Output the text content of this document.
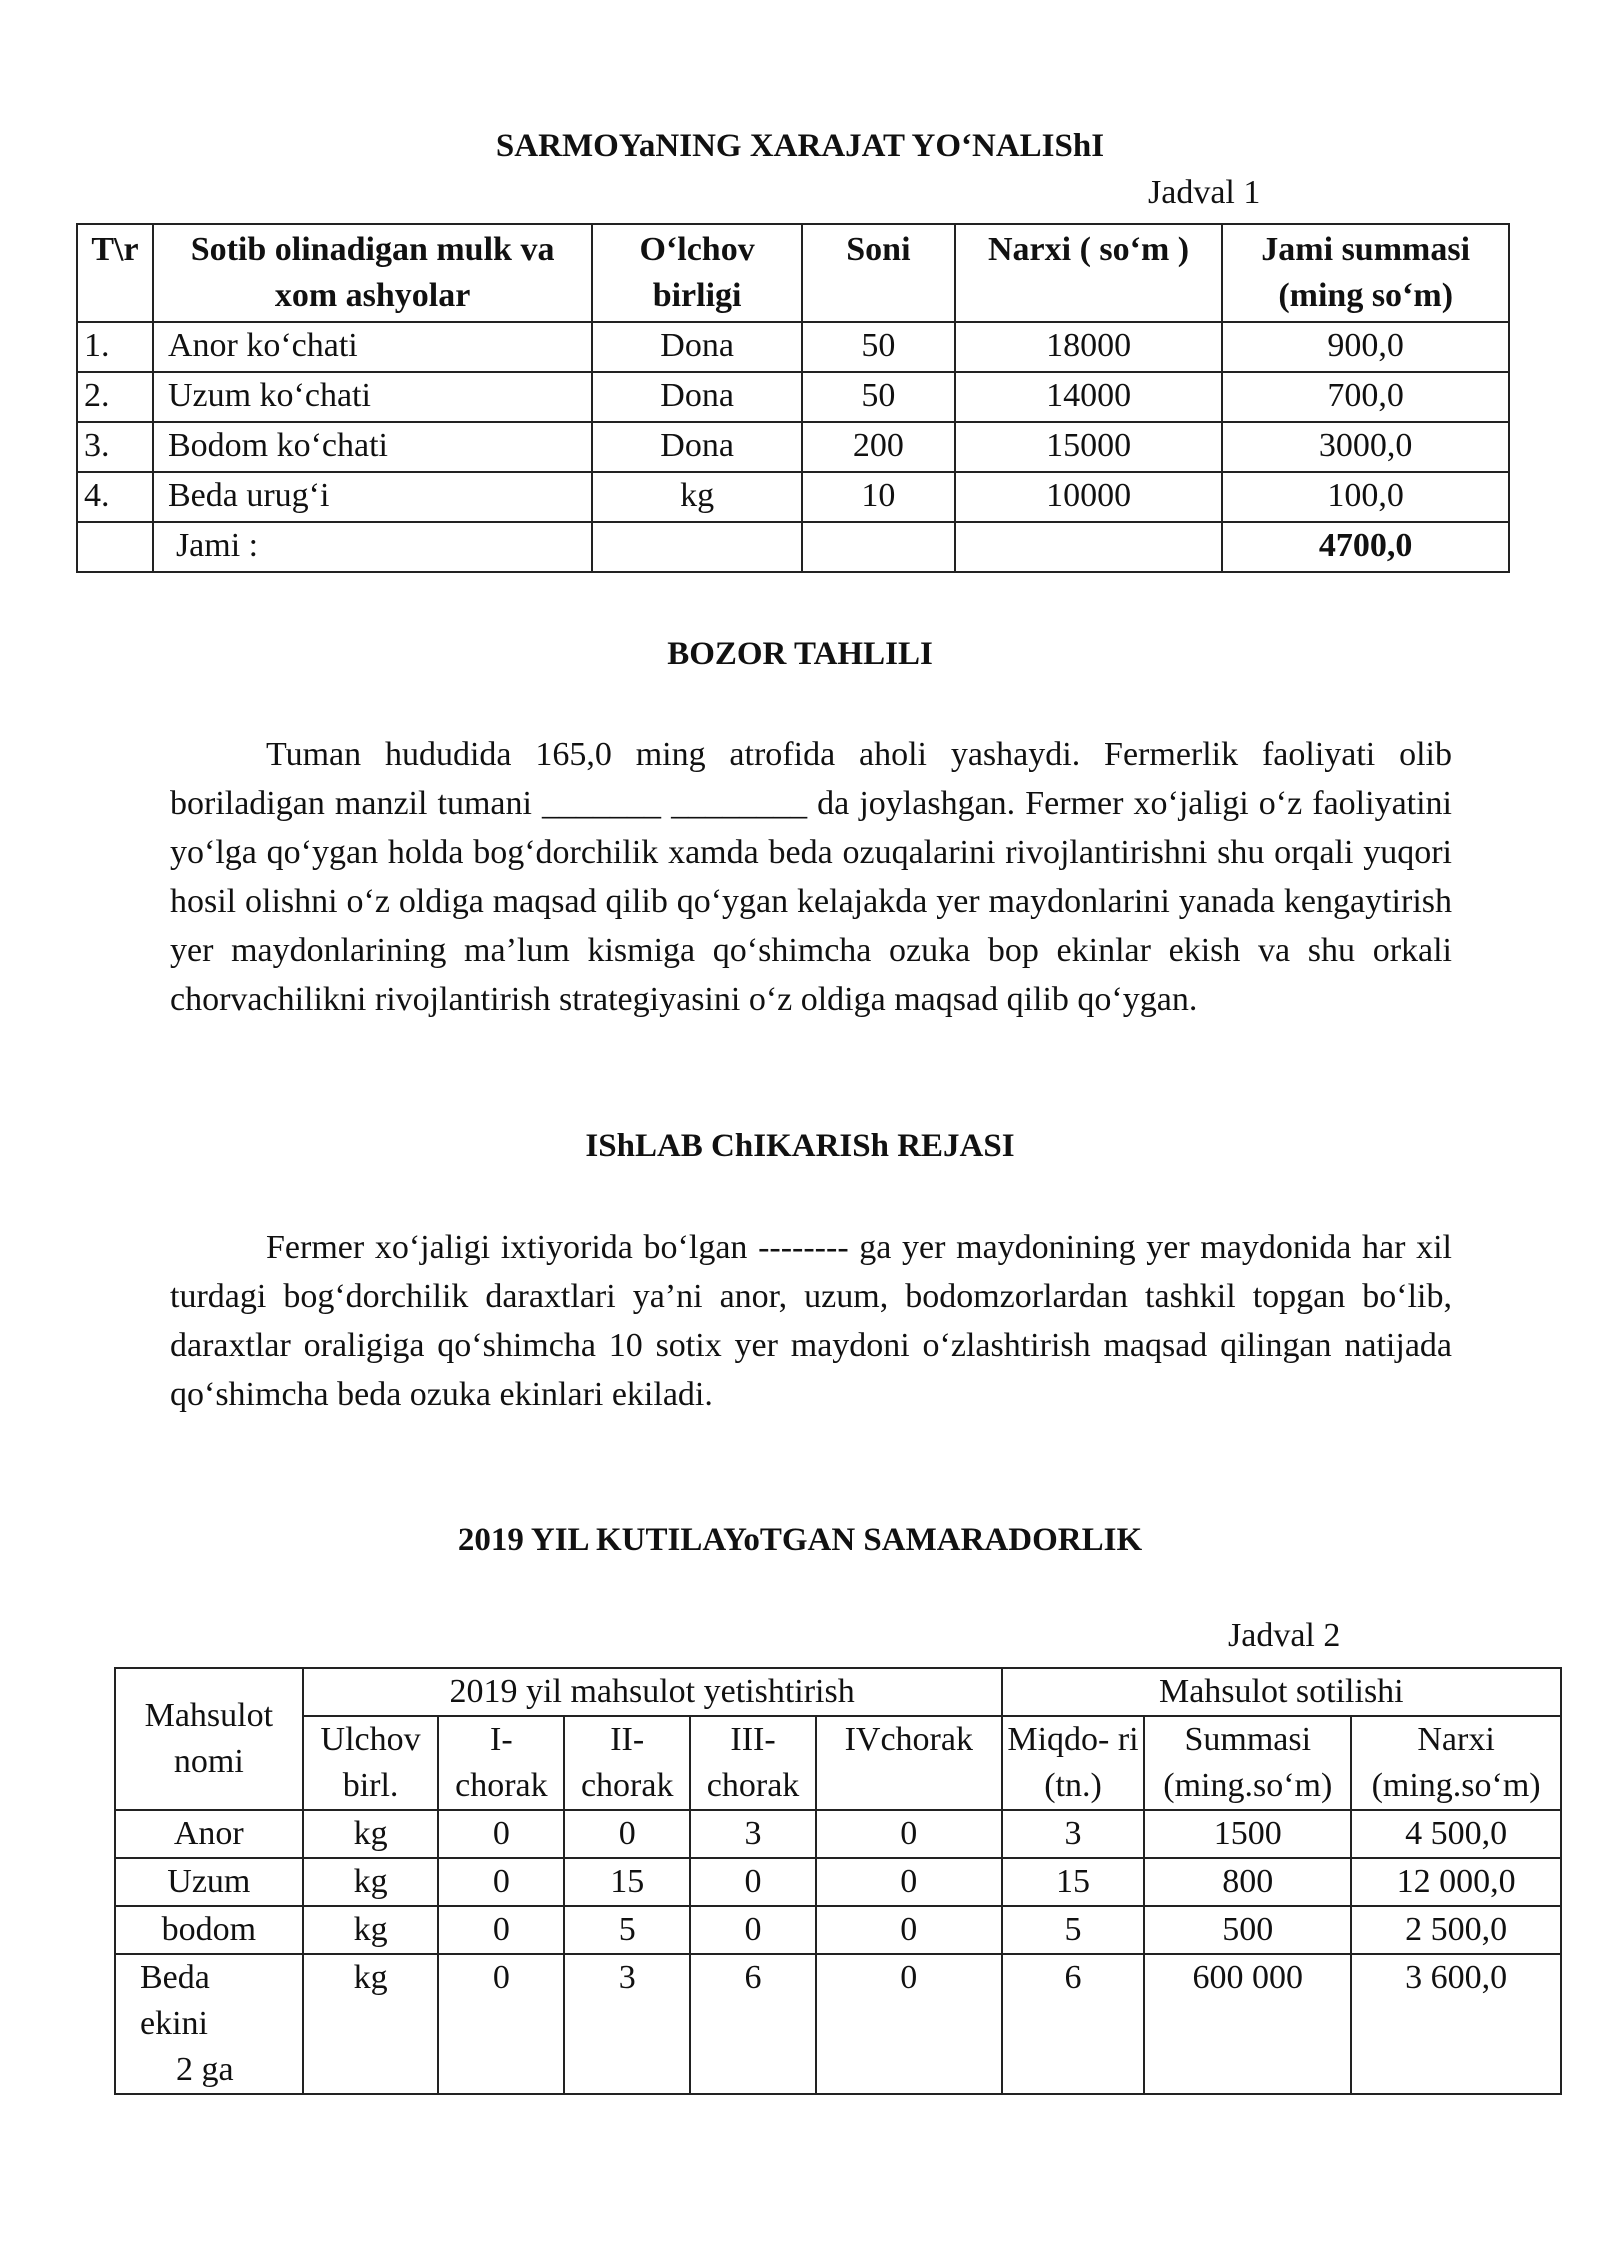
SARMOYaNING XARAJAT YO‘NALIShI
Jadval 1
T\r	Sotib olinadigan mulk va xom ashyolar	O‘lchov birligi	Soni	Narxi ( so‘m )	Jami summasi (ming so‘m)
1.	Anor ko‘chati	Dona	50	18000	900,0
2.	Uzum ko‘chati	Dona	50	14000	700,0
3.	Bodom ko‘chati	Dona	200	15000	3000,0
4.	Beda urug‘i	kg	10	10000	100,0
	Jami :				4700,0
BOZOR TAHLILI

Tuman hududida 165,0 ming atrofida aholi yashaydi. Fermerlik faoliyati olib boriladigan manzil tumani _______ ________ da joylashgan. Fermer xo‘jaligi o‘z faoliyatini yo‘lga qo‘ygan holda bog‘dorchilik xamda beda ozuqalarini rivojlantirishni shu orqali yuqori hosil olishni o‘z oldiga maqsad qilib qo‘ygan kelajakda yer maydonlarini yanada kengaytirish yer maydonlarining ma’lum kismiga qo‘shimcha ozuka bop ekinlar ekish va shu orkali chorvachilikni rivojlantirish strategiyasini o‘z oldiga maqsad qilib qo‘ygan.

IShLAB ChIKARISh REJASI

Fermer xo‘jaligi ixtiyorida bo‘lgan -------- ga yer maydonining yer maydonida har xil turdagi bog‘dorchilik daraxtlari ya’ni anor, uzum, bodomzorlardan tashkil topgan bo‘lib, daraxtlar oraligiga qo‘shimcha 10 sotix yer maydoni o‘zlashtirish maqsad qilingan natijada qo‘shimcha beda ozuka ekinlari ekiladi.

2019 YIL KUTILAYoTGAN SAMARADORLIK
Jadval 2
Mahsulot nomi	2019 yil mahsulot yetishtirish					Mahsulot sotilishi		
	Ulchov birl.	I- chorak	II- chorak	III- chorak	IVchorak	Miqdo- ri (tn.)	Summasi (ming.so‘m)	Narxi (ming.so‘m)
Anor	kg	0	0	3	0	3	1500	4 500,0
Uzum	kg	0	15	0	0	15	800	12 000,0
bodom	kg	0	5	0	0	5	500	2 500,0

Beda
ekini
2 ga	kg	0	3	6	0	6	600 000	3 600,0
